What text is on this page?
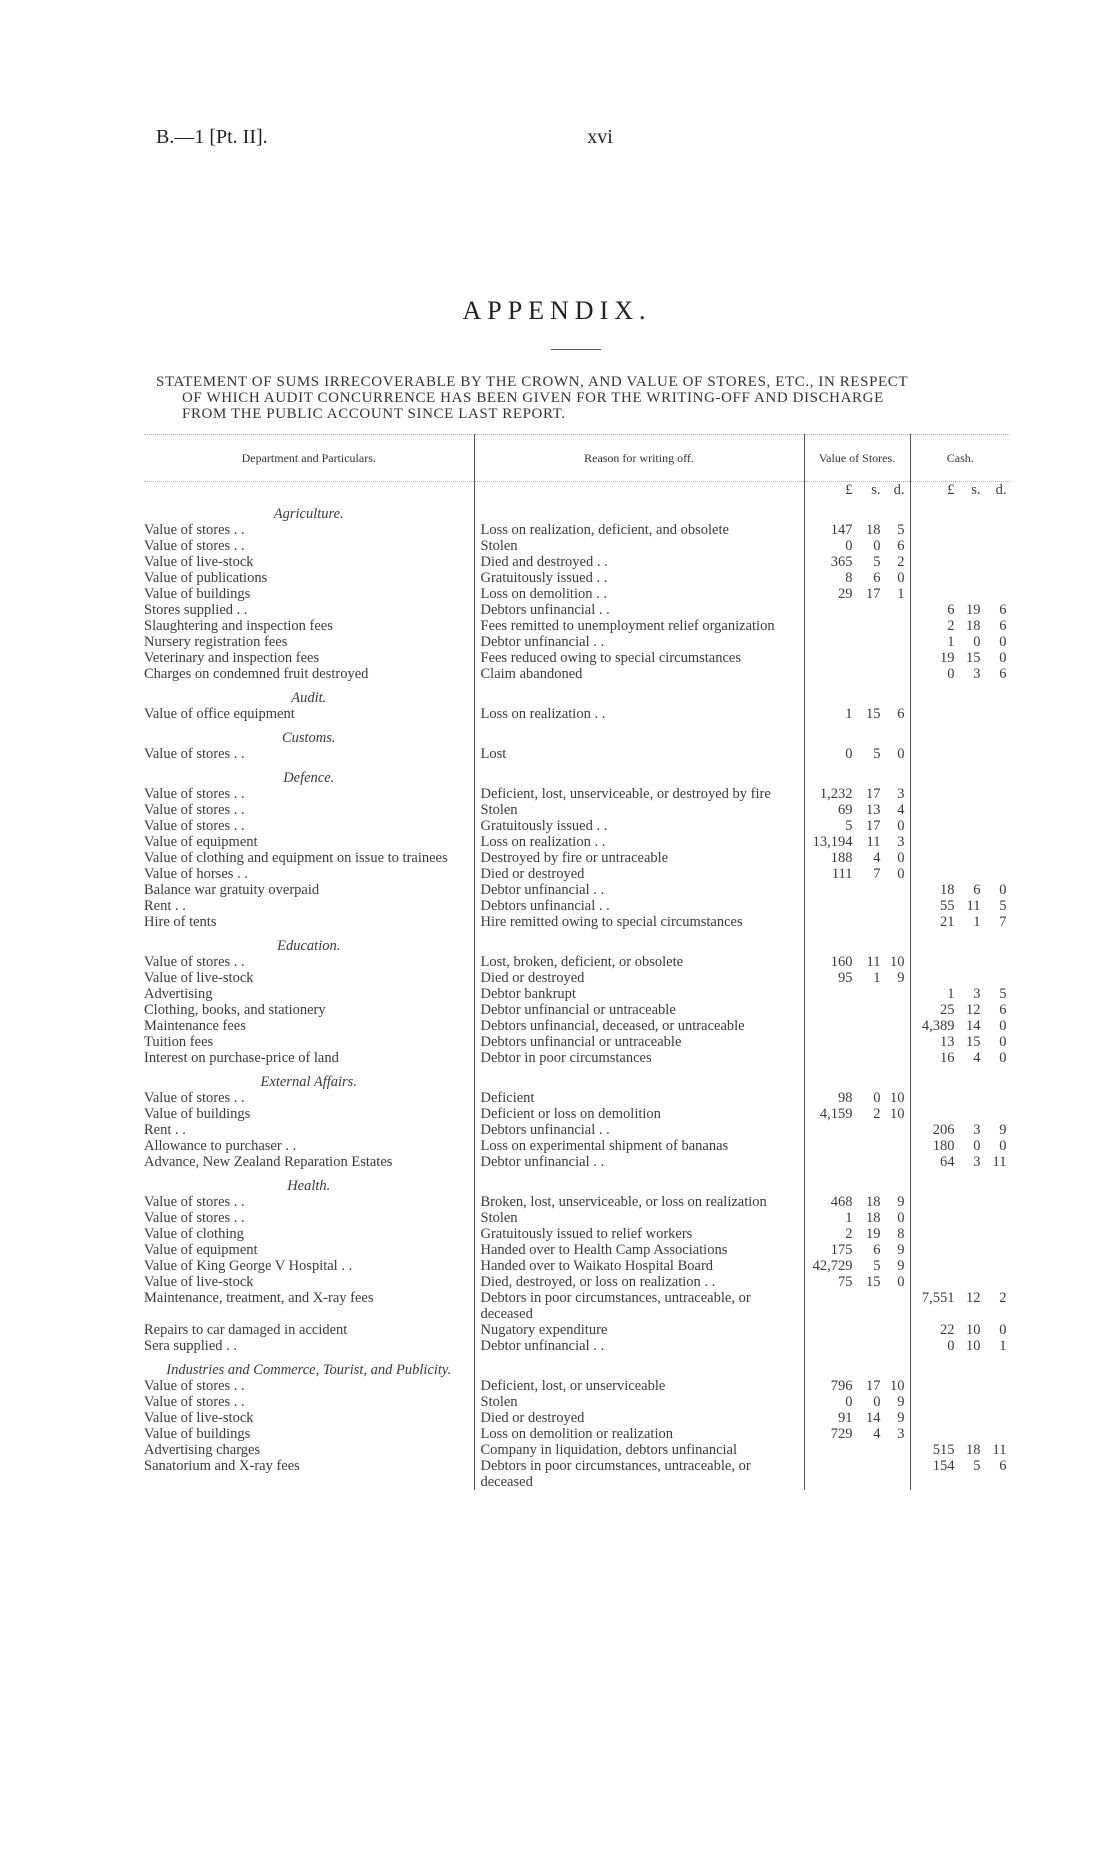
B.—1 [Pt. II].	xvi
APPENDIX.
STATEMENT OF SUMS IRRECOVERABLE BY THE CROWN, AND VALUE OF STORES, ETC., IN RESPECT
OF WHICH AUDIT CONCURRENCE HAS BEEN GIVEN FOR THE WRITING-OFF AND DISCHARGE
FROM THE PUBLIC ACCOUNT SINCE LAST REPORT.
Department and Particulars.	Reason for writing off.	Value of Stores.	Cash.

		£ s. d.	£ s. d.

Agriculture.			
Value of stores . .	Loss on realization, deficient, and obsolete	147 18 5	

Value of stores . .	Stolen	0 0 6	

Value of live-stock	Died and destroyed . .	365 5 2	

Value of publications	Gratuitously issued . .	8 6 0	

Value of buildings	Loss on demolition . .	29 17 1	

Stores supplied . .	Debtors unfinancial . .		6 19 6

Slaughtering and inspection fees	Fees remitted to unemployment relief organization		2 18 6

Nursery registration fees	Debtor unfinancial . .		1 0 0

Veterinary and inspection fees	Fees reduced owing to special circumstances		19 15 0

Charges on condemned fruit destroyed	Claim abandoned		0 3 6

Audit.			
Value of office equipment	Loss on realization . .	1 15 6	

Customs.			
Value of stores . .	Lost	0 5 0	

Defence.			
Value of stores . .	Deficient, lost, unserviceable, or destroyed by fire	1,232 17 3	

Value of stores . .	Stolen	69 13 4	

Value of stores . .	Gratuitously issued . .	5 17 0	

Value of equipment	Loss on realization . .	13,194 11 3	

Value of clothing and equipment on issue to trainees	Destroyed by fire or untraceable	188 4 0	

Value of horses . .	Died or destroyed	111 7 0	

Balance war gratuity overpaid	Debtor unfinancial . .		18 6 0

Rent . .	Debtors unfinancial . .		55 11 5

Hire of tents	Hire remitted owing to special circumstances		21 1 7

Education.			
Value of stores . .	Lost, broken, deficient, or obsolete	160 11 10	

Value of live-stock	Died or destroyed	95 1 9	

Advertising	Debtor bankrupt		1 3 5

Clothing, books, and stationery	Debtor unfinancial or untraceable		25 12 6

Maintenance fees	Debtors unfinancial, deceased, or untraceable		4,389 14 0

Tuition fees	Debtors unfinancial or untraceable		13 15 0

Interest on purchase-price of land	Debtor in poor circumstances		16 4 0

External Affairs.			
Value of stores . .	Deficient	98 0 10	

Value of buildings	Deficient or loss on demolition	4,159 2 10	

Rent . .	Debtors unfinancial . .		206 3 9

Allowance to purchaser . .	Loss on experimental shipment of bananas		180 0 0

Advance, New Zealand Reparation Estates	Debtor unfinancial . .		64 3 11

Health.			
Value of stores . .	Broken, lost, unserviceable, or loss on realization	468 18 9	

Value of stores . .	Stolen	1 18 0	

Value of clothing	Gratuitously issued to relief workers	2 19 8	

Value of equipment	Handed over to Health Camp Associations	175 6 9	

Value of King George V Hospital . .	Handed over to Waikato Hospital Board	42,729 5 9	

Value of live-stock	Died, destroyed, or loss on realization . .	75 15 0	

Maintenance, treatment, and X-ray fees	Debtors in poor circumstances, untraceable, or deceased		7,551 12 2

Repairs to car damaged in accident	Nugatory expenditure		22 10 0

Sera supplied . .	Debtor unfinancial . .		0 10 1

Industries and Commerce, Tourist, and Publicity.			
Value of stores . .	Deficient, lost, or unserviceable	796 17 10	

Value of stores . .	Stolen	0 0 9	

Value of live-stock	Died or destroyed	91 14 9	

Value of buildings	Loss on demolition or realization	729 4 3	

Advertising charges	Company in liquidation, debtors unfinancial		515 18 11

Sanatorium and X-ray fees	Debtors in poor circumstances, untraceable, or deceased		154 5 6
